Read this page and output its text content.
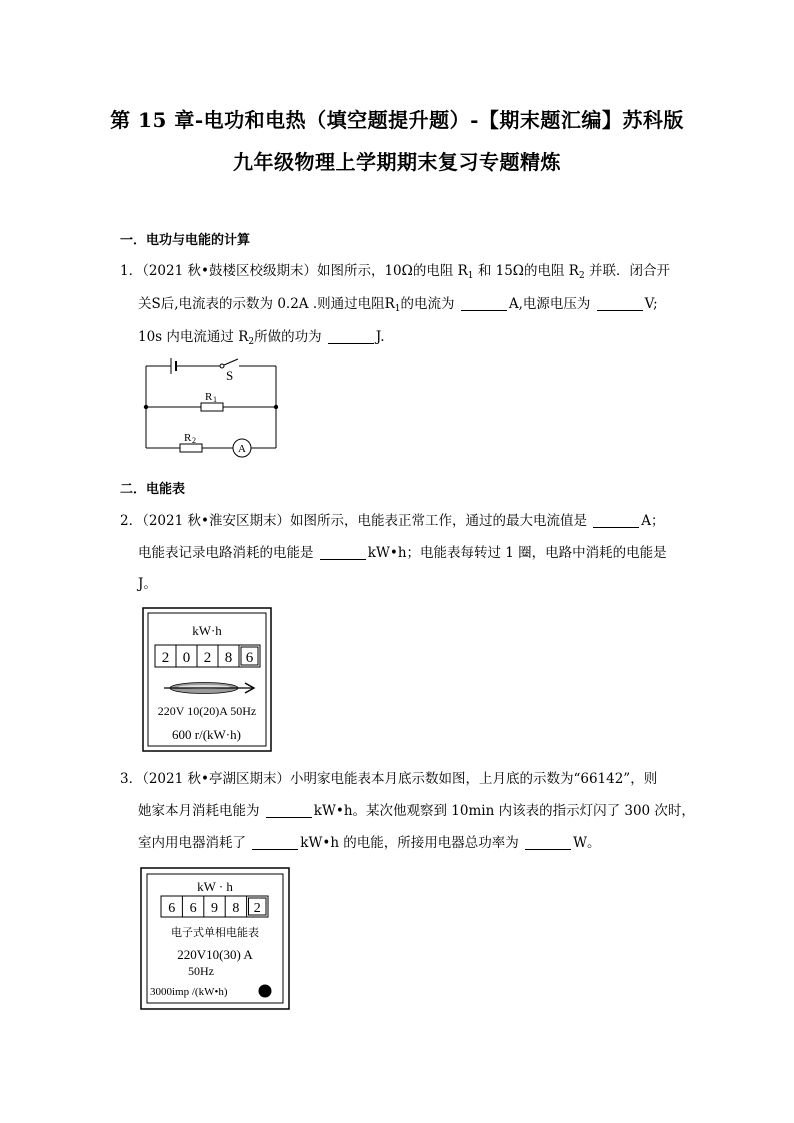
第 15 章-电功和电热（填空题提升题）-【期末题汇编】苏科版
九年级物理上学期期末复习专题精炼
一．电功与电能的计算
1．（2021 秋•鼓楼区校级期末）如图所示，10Ω的电阻 $R_1$ 和 15Ω的电阻 $R_2$ 并联．闭合开
关S后,电流表的示数为 0.2A .则通过电阻$R_1$的电流为	A,电源电压为	V;
10s 内电流通过 $R_2$所做的功为	J.
S
R 1
R 2
A
二．电能表
2．（2021 秋•淮安区期末）如图所示，电能表正常工作，通过的最大电流值是	A；
电能表记录电路消耗的电能是	kW•h；电能表每转过 1 圈，电路中消耗的电能是
J。
kW·h
2 0 2 8 6
220V 10(20)A 50Hz
600 r/(kW·h)
3．（2021 秋•亭湖区期末）小明家电能表本月底示数如图，上月底的示数为“66142”，则
她家本月消耗电能为	kW•h。某次他观察到 10min 内该表的指示灯闪了 300 次时，
室内用电器消耗了	kW•h 的电能，所接用电器总功率为	W。
kW · h
6 6 9 8 2
电子式单相电能表
220V10(30) A
50Hz
3000imp /(kW•h)
